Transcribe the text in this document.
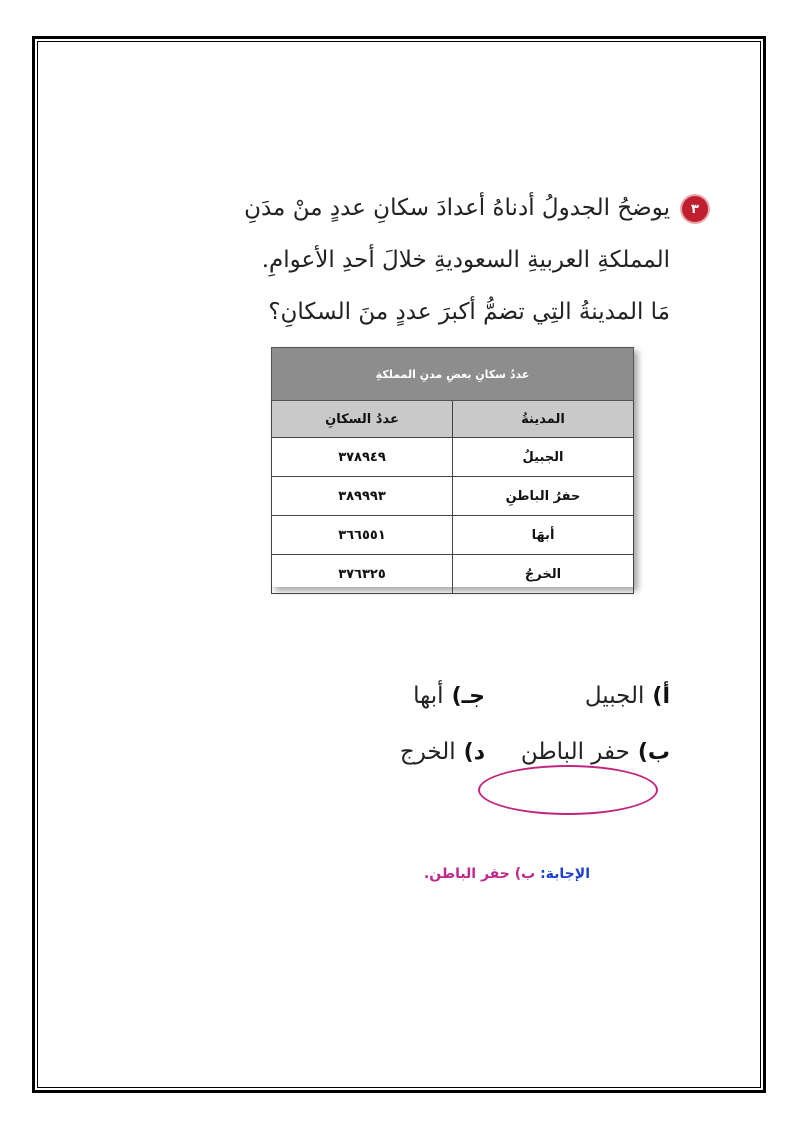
٣
يوضحُ الجدولُ أدناهُ أعدادَ سكانِ عددٍ منْ مدَنِ
المملكةِ العربيةِ السعوديةِ خلالَ أحدِ الأعوامِ.
مَا المدينةُ التِي تضمُّ أكبرَ عددٍ منَ السكانِ؟
عددُ سكانِ بعضِ مدنِ المملكةِ	
المدينةُ	عددُ السكانِ
الجبيلُ	٣٧٨٩٤٩
حفرُ الباطنِ	٣٨٩٩٩٣
أبهَا	٣٦٦٥٥١
الخرجُ	٣٧٦٣٢٥
أ)
الجبيل
جـ)
أبها
ب)
حفر الباطن
د)
الخرج
الإجابة: ب) حفر الباطن.
